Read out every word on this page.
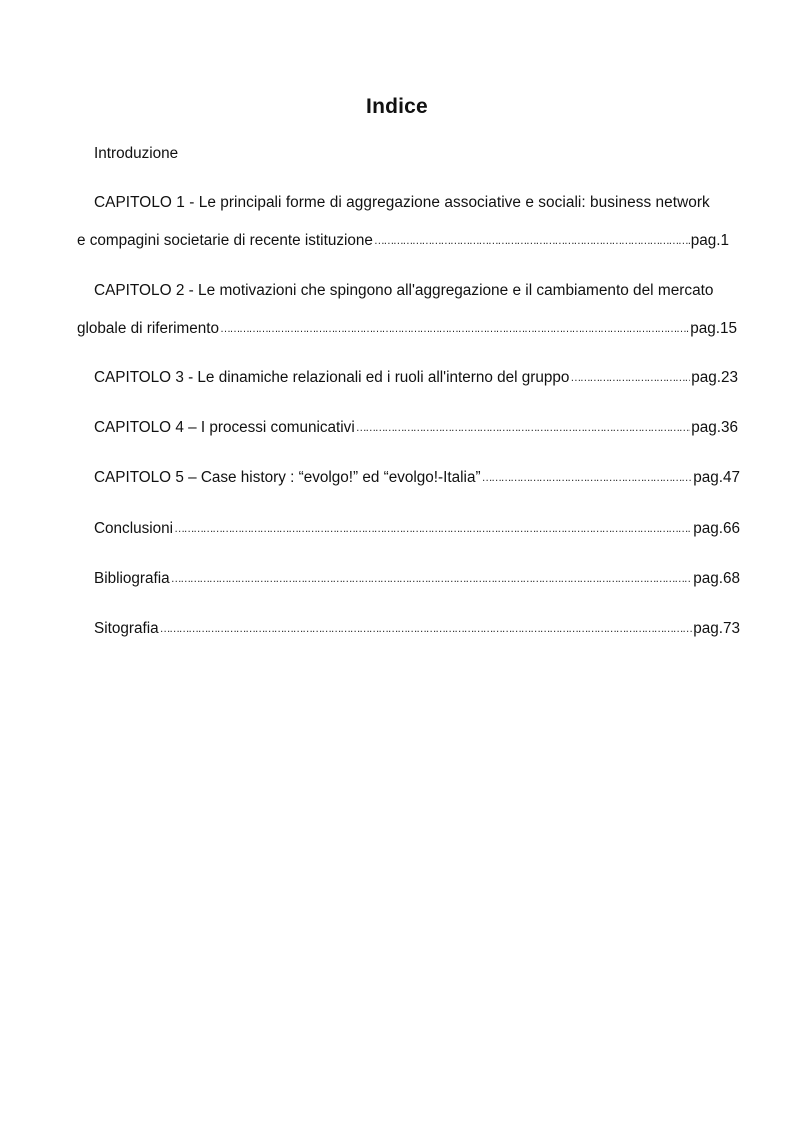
Indice
Introduzione
CAPITOLO 1 - Le principali forme di aggregazione associative e sociali: business network
e compagini societarie di recente istituzione ……………………………………………………………………………………………………………………………………………………………………………………………………………………………………………	pag.1
CAPITOLO 2 - Le motivazioni che spingono all'aggregazione e il cambiamento del mercato
globale di riferimento ……………………………………………………………………………………………………………………………………………………………………………………………………………………………………………	pag.15
CAPITOLO 3 - Le dinamiche relazionali ed i ruoli all'interno del gruppo ……………………………………………………………………………………………………………………………………………………………………………………………………………………………………………	pag.23
CAPITOLO 4 – I processi comunicativi ……………………………………………………………………………………………………………………………………………………………………………………………………………………………………………	pag.36
CAPITOLO 5 – Case history : “evolgo!” ed “evolgo!-Italia” ……………………………………………………………………………………………………………………………………………………………………………………………………………………………………………	pag.47
Conclusioni ……………………………………………………………………………………………………………………………………………………………………………………………………………………………………………	pag.66
Bibliografia ……………………………………………………………………………………………………………………………………………………………………………………………………………………………………………	pag.68
Sitografia ……………………………………………………………………………………………………………………………………………………………………………………………………………………………………………	pag.73
